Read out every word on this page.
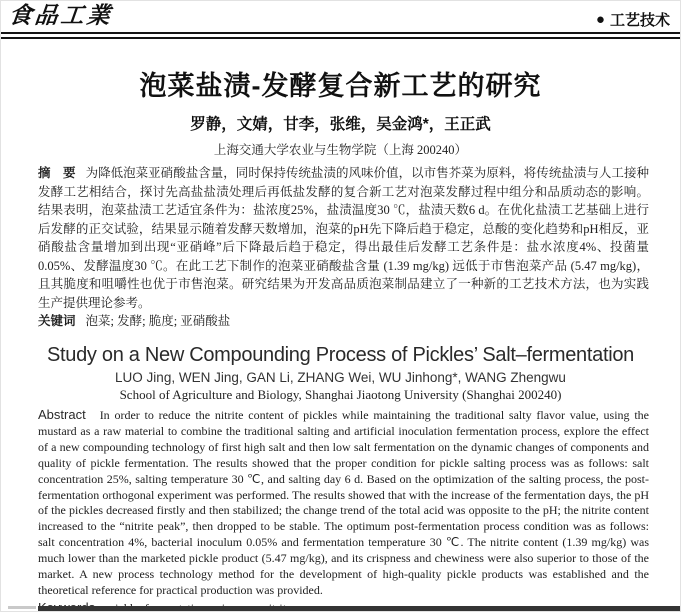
食品工業	● 工艺技术
泡菜盐渍-发酵复合新工艺的研究
罗静，文婧，甘李，张维，吴金鸿*，王正武
上海交通大学农业与生物学院（上海 200240）

摘　要 为降低泡菜亚硝酸盐含量，同时保持传统盐渍的风味价值，以市售芥菜为原料，将传统盐渍与人工接种发酵工艺相结合，探讨先高盐盐渍处理后再低盐发酵的复合新工艺对泡菜发酵过程中组分和品质动态的影响。结果表明，泡菜盐渍工艺适宜条件为：盐浓度25%，盐渍温度30 ℃，盐渍天数6 d。在优化盐渍工艺基础上进行后发酵的正交试验，结果显示随着发酵天数增加，泡菜的pH先下降后趋于稳定，总酸的变化趋势和pH相反，亚硝酸盐含量增加到出现“亚硝峰”后下降最后趋于稳定，得出最佳后发酵工艺条件是：盐水浓度4%、投菌量0.05%、发酵温度30 ℃。在此工艺下制作的泡菜亚硝酸盐含量 (1.39 mg/kg) 远低于市售泡菜产品 (5.47 mg/kg)，且其脆度和咀嚼性也优于市售泡菜。研究结果为开发高品质泡菜制品建立了一种新的工艺技术方法，也为实践生产提供理论参考。

关键词 泡菜; 发酵; 脆度; 亚硝酸盐

Study on a New Compounding Process of Pickles’ Salt–fermentation
LUO Jing, WEN Jing, GAN Li, ZHANG Wei, WU Jinhong*, WANG Zhengwu
School of Agriculture and Biology, Shanghai Jiaotong University (Shanghai 200240)

Abstract In order to reduce the nitrite content of pickles while maintaining the traditional salty flavor value, using the mustard as a raw material to combine the traditional salting and artificial inoculation fermentation process, explore the effect of a new compounding technology of first high salt and then low salt fermentation on the dynamic changes of components and quality of pickle fermentation. The results showed that the proper condition for pickle salting process was as follows: salt concentration 25%, salting temperature 30 ℃, and salting day 6 d. Based on the optimization of the salting process, the post-fermentation orthogonal experiment was performed. The results showed that with the increase of the fermentation days, the pH of the pickles decreased firstly and then stabilized; the change trend of the total acid was opposite to the pH; the nitrite content increased to the “nitrite peak”, then dropped to be stable. The optimum post-fermentation process condition was as follows: salt concentration 4%, bacterial inoculum 0.05% and fermentation temperature 30 ℃. The nitrite content (1.39 mg/kg) was much lower than the marketed pickle product (5.47 mg/kg), and its crispness and chewiness were also superior to those of the market. A new process technology method for the development of high-quality pickle products was established and the theoretical reference for practical production was provided.
